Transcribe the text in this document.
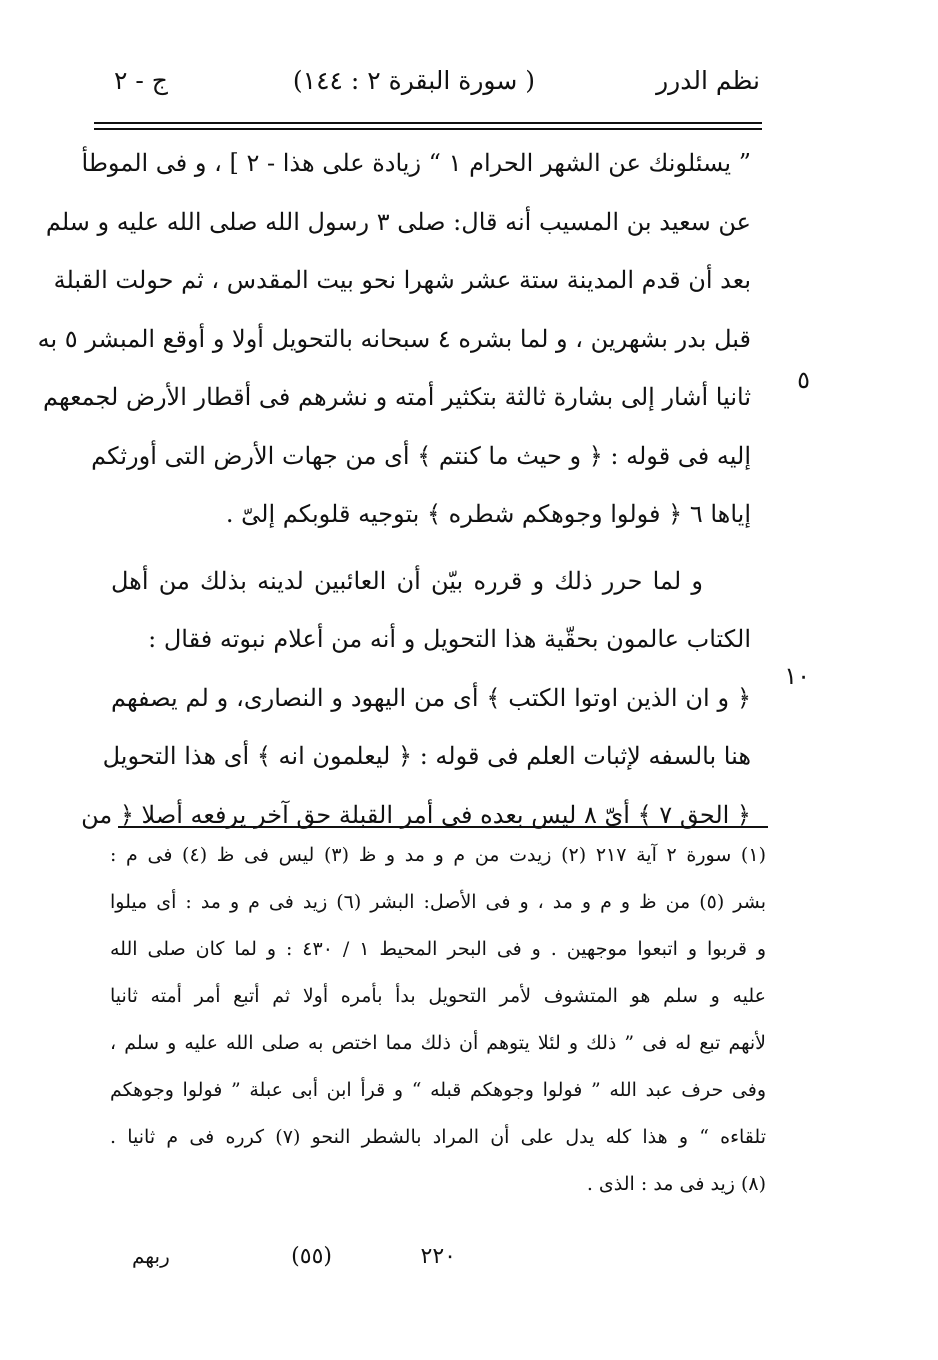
نظم الدرر
( سورة البقرة ٢ : ١٤٤)
ج - ٢
٥
١٠
” يسئلونك عن الشهر الحرام ١ “ زيادة على هذا - ٢ ] ، و فى الموطأ
عن سعيد بن المسيب أنه قال: صلى ٣ رسول الله صلى الله عليه و سلم
بعد أن قدم المدينة ستة عشر شهرا نحو بيت المقدس ، ثم حولت القبلة
قبل بدر بشهرين ، و لما بشره ٤ سبحانه بالتحويل أولا و أوقع المبشر ٥ به
ثانيا أشار إلى بشارة ثالثة بتكثير أمته و نشرهم فى أقطار الأرض لجمعهم
إليه فى قوله : ﴿ و حيث ما كنتم ﴾ أى من جهات الأرض التى أورثكم
إياها ٦ ﴿ فولوا وجوهكم شطره ﴾ بتوجيه قلوبكم إلىّ .
و لما حرر ذلك و قرره بيّن أن العائبين لدينه بذلك من أهل
الكتاب عالمون بحقّية هذا التحويل و أنه من أعلام نبوته فقال :
﴿ و ان الذين اوتوا الكتب ﴾ أى من اليهود و النصارى، و لم يصفهم
هنا بالسفه لإثبات العلم فى قوله : ﴿ ليعلمون انه ﴾ أى هذا التحويل
﴿ الحق ٧ ﴾ أىّ ٨ ليس بعده فى أمر القبلة حق آخر يرفعه أصلا ﴿ من
(١) سورة ٢ آية ٢١٧ (٢) زيدت من م و مد و ظ (٣) ليس فى ظ (٤) فى م :
بشر (٥) من ظ و م و مد ، و فى الأصل: البشر (٦) زيد فى م و مد : أى ميلوا
و قربوا و اتبعوا موجهين . و فى البحر المحيط ١ / ٤٣٠ : و لما كان صلى الله
عليه و سلم هو المتشوف لأمر التحويل بدأ بأمره أولا ثم أتبع أمر أمته ثانيا
لأنهم تبع له فى ” ذلك و لئلا يتوهم أن ذلك مما اختص به صلى الله عليه و سلم ،
وفى حرف عبد الله ” فولوا وجوهكم قبله “ و قرأ ابن أبى عبلة ” فولوا وجوهكم
تلقاءه “ و هذا كله يدل على أن المراد بالشطر النحو (٧) كرره فى م ثانيا .
(٨) زيد فى مد : الذى .
٢٢٠
(٥٥)
ربهم
